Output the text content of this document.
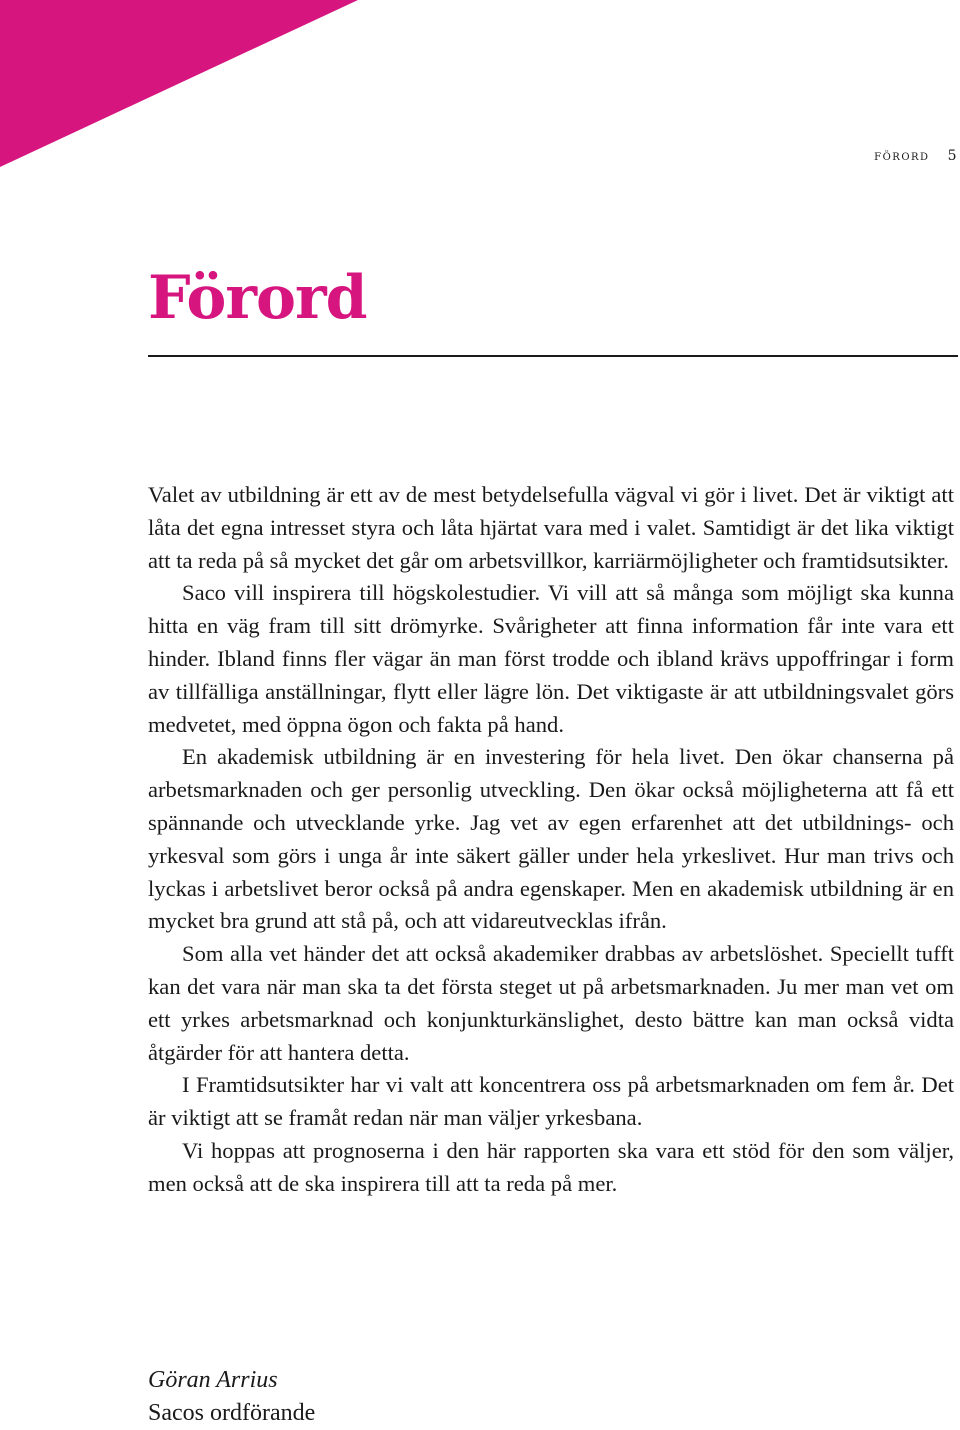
förord 5
Förord

Valet av utbildning är ett av de mest betydelsefulla vägval vi gör i livet. Det är viktigt att låta det egna intresset styra och låta hjärtat vara med i valet. Samtidigt är det lika viktigt att ta reda på så mycket det går om arbetsvillkor, karriärmöjligheter och framtidsutsikter.

Saco vill inspirera till högskolestudier. Vi vill att så många som möjligt ska kunna hitta en väg fram till sitt drömyrke. Svårigheter att finna information får inte vara ett hinder. Ibland finns fler vägar än man först trodde och ibland krävs uppoffringar i form av tillfälliga anställningar, flytt eller lägre lön. Det viktigaste är att utbildningsvalet görs medvetet, med öppna ögon och fakta på hand.

En akademisk utbildning är en investering för hela livet. Den ökar chanserna på arbetsmarknaden och ger personlig utveckling. Den ökar också möjligheterna att få ett spännande och utvecklande yrke. Jag vet av egen erfarenhet att det utbildnings- och yrkesval som görs i unga år inte säkert gäller under hela yrkeslivet. Hur man trivs och lyckas i arbetslivet beror också på andra egenskaper. Men en akademisk utbildning är en mycket bra grund att stå på, och att vidareutvecklas ifrån.

Som alla vet händer det att också akademiker drabbas av arbetslöshet. Speciellt tufft kan det vara när man ska ta det första steget ut på arbetsmarknaden. Ju mer man vet om ett yrkes arbetsmarknad och konjunkturkänslighet, desto bättre kan man också vidta åtgärder för att hantera detta.

I Framtidsutsikter har vi valt att koncentrera oss på arbetsmarknaden om fem år. Det är viktigt att se framåt redan när man väljer yrkesbana.

Vi hoppas att prognoserna i den här rapporten ska vara ett stöd för den som väljer, men också att de ska inspirera till att ta reda på mer.

Göran Arrius
Sacos ordförande
